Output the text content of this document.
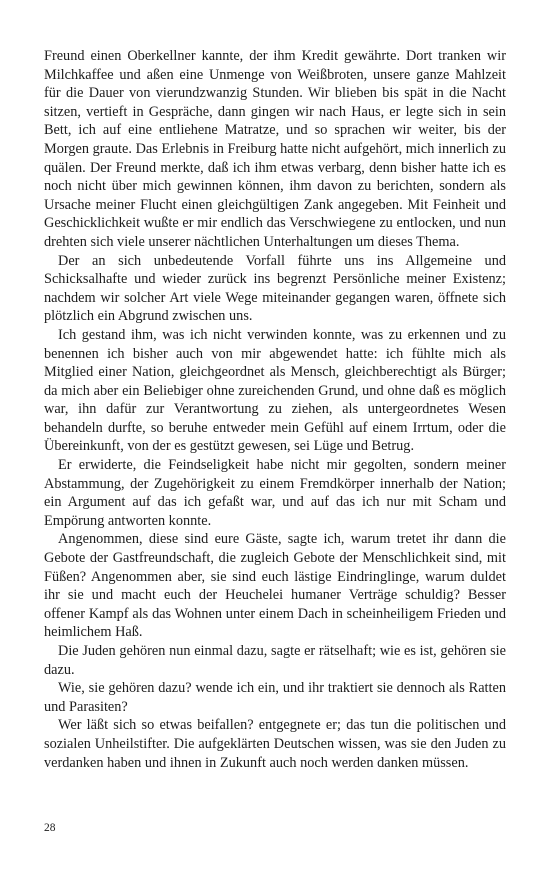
Freund einen Oberkellner kannte, der ihm Kredit gewährte. Dort tranken wir Milchkaffee und aßen eine Unmenge von Weißbroten, unsere ganze Mahlzeit für die Dauer von vierundzwanzig Stunden. Wir blieben bis spät in die Nacht sitzen, vertieft in Gespräche, dann gingen wir nach Haus, er legte sich in sein Bett, ich auf eine entliehene Matratze, und so sprachen wir weiter, bis der Morgen graute. Das Erlebnis in Freiburg hatte nicht aufgehört, mich innerlich zu quälen. Der Freund merkte, daß ich ihm etwas verbarg, denn bisher hatte ich es noch nicht über mich gewinnen können, ihm davon zu berichten, sondern als Ursache meiner Flucht einen gleichgültigen Zank angegeben. Mit Feinheit und Geschicklichkeit wußte er mir endlich das Verschwiegene zu entlocken, und nun drehten sich viele unserer nächtlichen Unterhaltungen um dieses Thema.

Der an sich unbedeutende Vorfall führte uns ins Allgemeine und Schicksalhafte und wieder zurück ins begrenzt Persönliche meiner Existenz; nachdem wir solcher Art viele Wege miteinander gegangen waren, öffnete sich plötzlich ein Abgrund zwischen uns.

Ich gestand ihm, was ich nicht verwinden konnte, was zu erkennen und zu benennen ich bisher auch von mir abgewendet hatte: ich fühlte mich als Mitglied einer Nation, gleichgeordnet als Mensch, gleichberechtigt als Bürger; da mich aber ein Beliebiger ohne zureichenden Grund, und ohne daß es möglich war, ihn dafür zur Verantwortung zu ziehen, als untergeordnetes Wesen behandeln durfte, so beruhe entweder mein Gefühl auf einem Irrtum, oder die Übereinkunft, von der es gestützt gewesen, sei Lüge und Betrug.

Er erwiderte, die Feindseligkeit habe nicht mir gegolten, sondern meiner Abstammung, der Zugehörigkeit zu einem Fremdkörper innerhalb der Nation; ein Argument auf das ich gefaßt war, und auf das ich nur mit Scham und Empörung antworten konnte.

Angenommen, diese sind eure Gäste, sagte ich, warum tretet ihr dann die Gebote der Gastfreundschaft, die zugleich Gebote der Menschlichkeit sind, mit Füßen? Angenommen aber, sie sind euch lästige Eindringlinge, warum duldet ihr sie und macht euch der Heuchelei humaner Verträge schuldig? Besser offener Kampf als das Wohnen unter einem Dach in scheinheiligem Frieden und heimlichem Haß.

Die Juden gehören nun einmal dazu, sagte er rätselhaft; wie es ist, gehören sie dazu.

Wie, sie gehören dazu? wende ich ein, und ihr traktiert sie dennoch als Ratten und Parasiten?

Wer läßt sich so etwas beifallen? entgegnete er; das tun die politischen und sozialen Unheilstifter. Die aufgeklärten Deutschen wissen, was sie den Juden zu verdanken haben und ihnen in Zukunft auch noch werden danken müssen.

28
